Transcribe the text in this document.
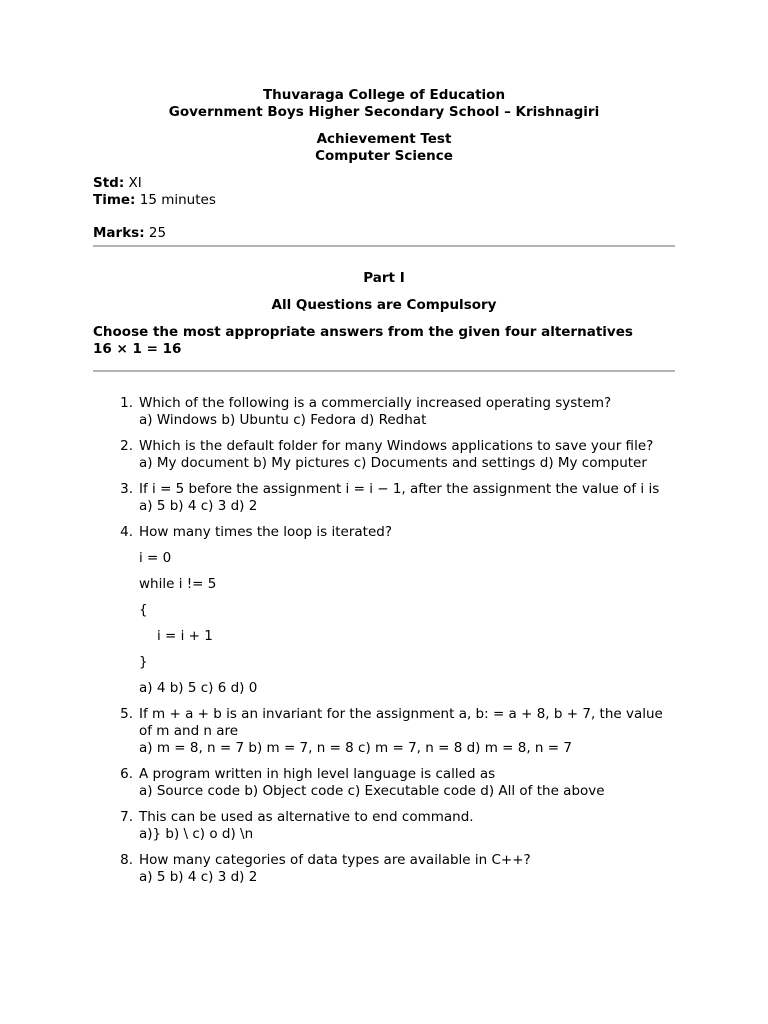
Thuvaraga College of Education
Government Boys Higher Secondary School – Krishnagiri
Achievement Test
Computer Science
Std: XI
Time: 15 minutes
Marks: 25
Part I
All Questions are Compulsory
Choose the most appropriate answers from the given four alternatives
16 × 1 = 16
1. Which of the following is a commercially increased operating system?
a) Windows b) Ubuntu c) Fedora d) Redhat
2. Which is the default folder for many Windows applications to save your file?
a) My document b) My pictures c) Documents and settings d) My computer
3. If i = 5 before the assignment i = i − 1, after the assignment the value of i is
a) 5 b) 4 c) 3 d) 2
4. How many times the loop is iterated?
i = 0
while i != 5
{
i = i + 1
}
a) 4 b) 5 c) 6 d) 0
5. If m + a + b is an invariant for the assignment a, b: = a + 8, b + 7, the value of m and n are
a) m = 8, n = 7 b) m = 7, n = 8 c) m = 7, n = 8 d) m = 8, n = 7
6. A program written in high level language is called as
a) Source code b) Object code c) Executable code d) All of the above
7. This can be used as alternative to end command.
a)} b) \ c) o d) \n
8. How many categories of data types are available in C++?
a) 5 b) 4 c) 3 d) 2
